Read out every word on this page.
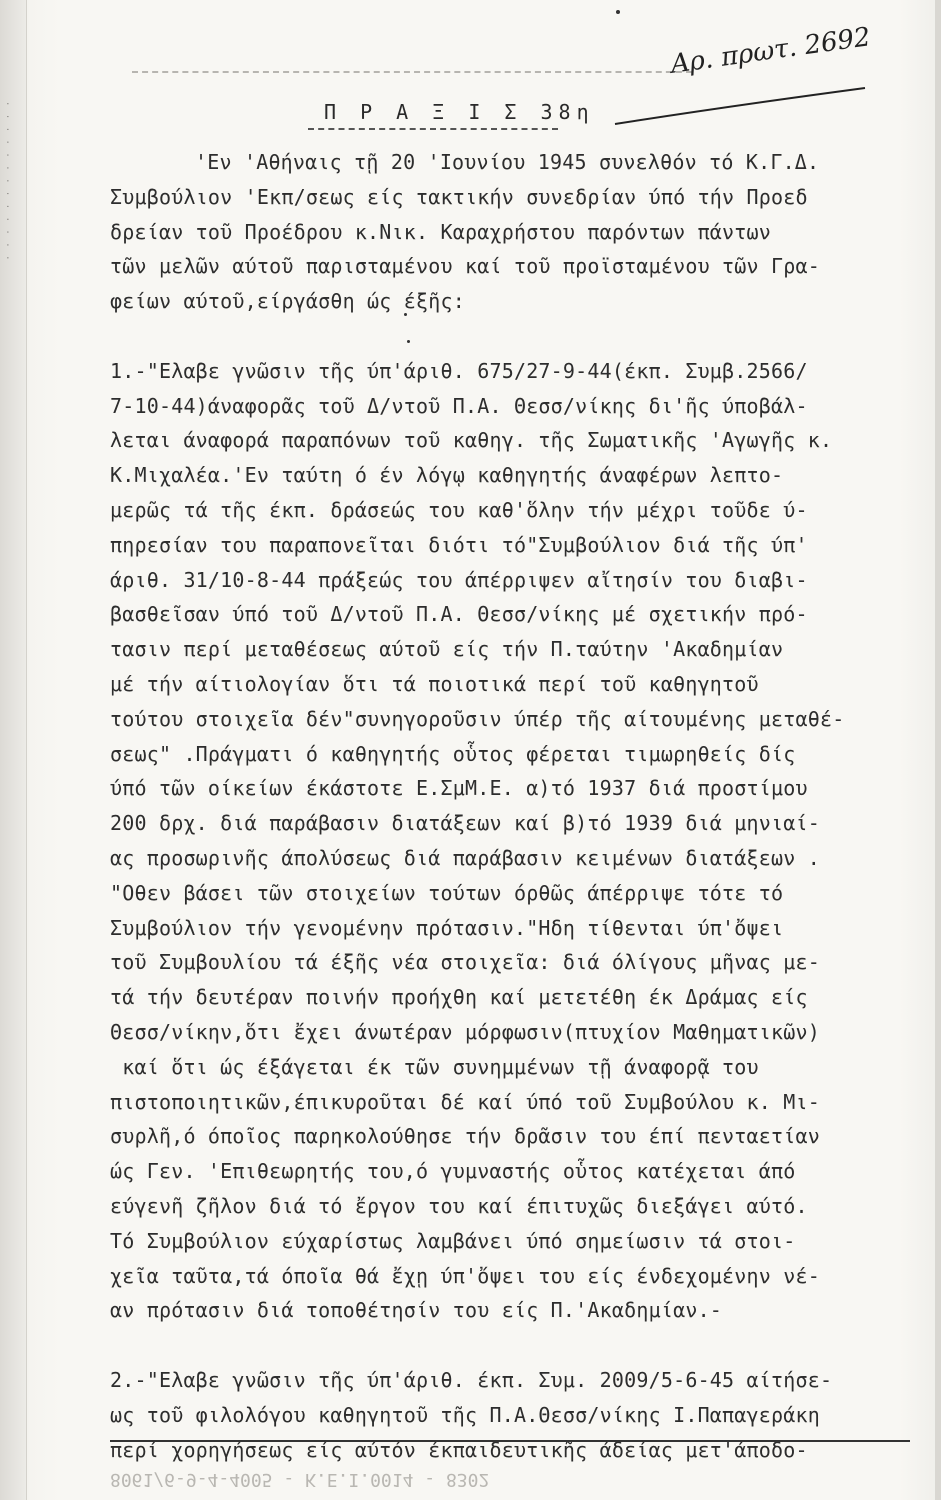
· · · · · · · · · · · · ·
Αρ. πρωτ. 2692
Π Ρ Α Ξ Ι Σ 38η
'Εν 'Αθήναις τῇ 20 'Ιουνίου 1945 συνελθόν τό Κ.Γ.Δ.
Συμβούλιον 'Εκπ/σεως είς τακτικήν συνεδρίαν ύπό τήν Προεδ
δρείαν τοῦ Προέδρου κ.Νικ. Καραχρήστου παρόντων πάντων
τῶν μελῶν αύτοῦ παρισταμένου καί τοῦ προϊσταμένου τῶν Γρα-
φείων αύτοῦ,είργάσθη ώς έξῆς:
1.-"Ελαβε γνῶσιν τῆς ύπ'άριθ. 675/27-9-44(έκπ. Συμβ.2566/
7-10-44)άναφορᾶς τοῦ Δ/ντοῦ Π.Α. Θεσσ/νίκης δι'ῆς ύποβάλ-
λεται άναφορά παραπόνων τοῦ καθηγ. τῆς Σωματικῆς 'Αγωγῆς κ.
Κ.Μιχαλέα.'Εν ταύτη ό έν λόγῳ καθηγητής άναφέρων λεπτο-
μερῶς τά τῆς έκπ. δράσεώς του καθ'ὅλην τήν μέχρι τοῦδε ύ-
πηρεσίαν του παραπονεῖται διότι τό"Συμβούλιον διά τῆς ύπ'
άριθ. 31/10-8-44 πράξεώς του άπέρριψεν αἴτησίν του διαβι-
βασθεῖσαν ύπό τοῦ Δ/ντοῦ Π.Α. Θεσσ/νίκης μέ σχετικήν πρό-
τασιν περί μεταθέσεως αύτοῦ είς τήν Π.ταύτην 'Ακαδημίαν
μέ τήν αίτιολογίαν ὅτι τά ποιοτικά περί τοῦ καθηγητοῦ
τούτου στοιχεῖα δέν"συνηγοροῦσιν ύπέρ τῆς αίτουμένης μεταθέ-
σεως" .Πράγματι ό καθηγητής οὗτος φέρεται τιμωρηθείς δίς
ύπό τῶν οίκείων έκάστοτε Ε.ΣμΜ.Ε. α)τό 1937 διά προστίμου
200 δρχ. διά παράβασιν διατάξεων καί β)τό 1939 διά μηνιαί-
ας προσωρινῆς άπολύσεως διά παράβασιν κειμένων διατάξεων .
"Οθεν βάσει τῶν στοιχείων τούτων όρθῶς άπέρριψε τότε τό
Συμβούλιον τήν γενομένην πρότασιν."Ηδη τίθενται ύπ'ὄψει
τοῦ Συμβουλίου τά έξῆς νέα στοιχεῖα: διά όλίγους μῆνας με-
τά τήν δευτέραν ποινήν προήχθη καί μετετέθη έκ Δράμας είς
Θεσσ/νίκην,ὅτι ἔχει άνωτέραν μόρφωσιν(πτυχίον Μαθηματικῶν)
καί ὅτι ώς έξάγεται έκ τῶν συνημμένων τῇ άναφορᾷ του
πιστοποιητικῶν,έπικυροῦται δέ καί ύπό τοῦ Συμβούλου κ. Μι-
συρλῆ,ό όποῖος παρηκολούθησε τήν δρᾶσιν του έπί πενταετίαν
ώς Γεν. 'Επιθεωρητής του,ό γυμναστής οὗτος κατέχεται άπό
εύγενῆ ζῆλον διά τό ἔργον του καί έπιτυχῶς διεξάγει αύτό.
Τό Συμβούλιον εύχαρίστως λαμβάνει ύπό σημείωσιν τά στοι-
χεῖα ταῦτα,τά όποῖα θά ἔχῃ ύπ'ὄψει του είς ένδεχομένην νέ-
αν πρότασιν διά τοποθέτησίν του είς Π.'Ακαδημίαν.-
2.-"Ελαβε γνῶσιν τῆς ύπ'άριθ. έκπ. Συμ. 2009/5-6-45 αίτήσε-
ως τοῦ φιλολόγου καθηγητοῦ τῆς Π.Α.Θεσσ/νίκης Ι.Παπαγεράκη
περί χορηγήσεως είς αύτόν έκπαιδευτικῆς άδείας μετ'άποδο-
8061/6-9-4-4005 - Κ.Ε.Ι.0014 - 8302
